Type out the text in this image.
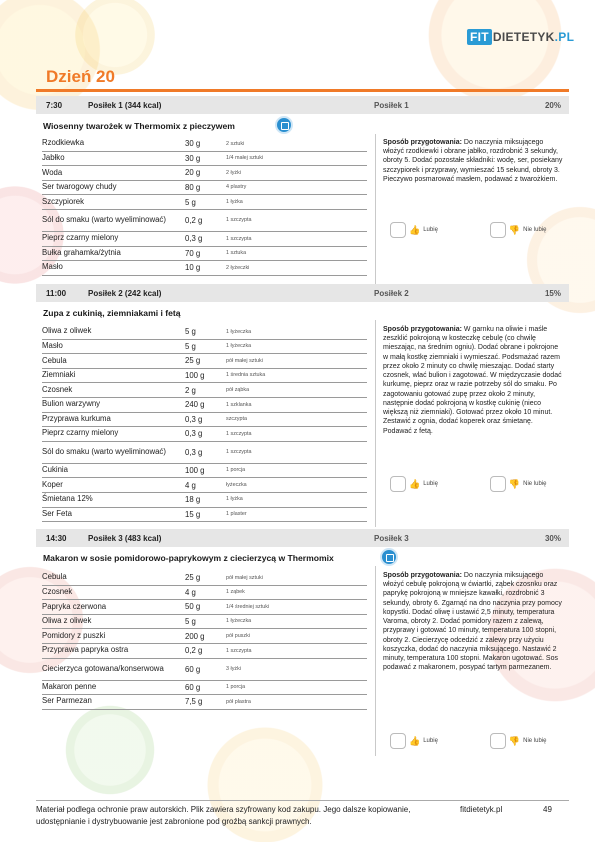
FIT DIETETYK.PL
Dzień 20
7:30	Posiłek 1 (344 kcal)	Posiłek 1	20%
Wiosenny twarożek w Thermomix z pieczywem
Rzodkiewka	30 g	2 sztuki
Jabłko	30 g	1/4 małej sztuki
Woda	20 g	2 łyżki
Ser twarogowy chudy	80 g	4 plastry
Szczypiorek	5 g	1 łyżka
Sól do smaku (warto wyeliminować)	0,2 g	1 szczypta
Pieprz czarny mielony	0,3 g	1 szczypta
Bułka grahamka/żytnia	70 g	1 sztuka
Masło	10 g	2 łyżeczki
Sposób przygotowania: Do naczynia miksującego włożyć rzodkiewki i obrane jabłko, rozdrobnić 3 sekundy, obroty 5. Dodać pozostałe składniki: wodę, ser, posiekany szczypiorek i przyprawy, wymieszać 15 sekund, obroty 3. Pieczywo posmarować masłem, podawać z twarożkiem.
👍 Lubię	👎 Nie lubię
11:00	Posiłek 2 (242 kcal)	Posiłek 2	15%
Zupa z cukinią, ziemniakami i fetą
Oliwa z oliwek	5 g	1 łyżeczka
Masło	5 g	1 łyżeczka
Cebula	25 g	pół małej sztuki
Ziemniaki	100 g	1 średnia sztuka
Czosnek	2 g	pół ząbka
Bulion warzywny	240 g	1 szklanka
Przyprawa kurkuma	0,3 g	szczypta
Pieprz czarny mielony	0,3 g	1 szczypta
Sól do smaku (warto wyeliminować)	0,3 g	1 szczypta
Cukinia	100 g	1 porcja
Koper	4 g	łyżeczka
Śmietana 12%	18 g	1 łyżka
Ser Feta	15 g	1 plaster
Sposób przygotowania: W garnku na oliwie i maśle zeszklić pokrojoną w kosteczkę cebulę (co chwilę mieszając, na średnim ogniu). Dodać obrane i pokrojone w małą kostkę ziemniaki i wymieszać. Podsmażać razem przez około 2 minuty co chwilę mieszając. Dodać starty czosnek, wlać bulion i zagotować. W międzyczasie dodać kurkumę, pieprz oraz w razie potrzeby sól do smaku. Po zagotowaniu gotować zupę przez około 2 minuty, następnie dodać pokrojoną w kostkę cukinię (nieco większą niż ziemniaki). Gotować przez około 10 minut. Zestawić z ognia, dodać koperek oraz śmietanę. Podawać z fetą.
👍 Lubię	👎 Nie lubię
14:30	Posiłek 3 (483 kcal)	Posiłek 3	30%
Makaron w sosie pomidorowo-paprykowym z ciecierzycą w Thermomix
Cebula	25 g	pół małej sztuki
Czosnek	4 g	1 ząbek
Papryka czerwona	50 g	1/4 średniej sztuki
Oliwa z oliwek	5 g	1 łyżeczka
Pomidory z puszki	200 g	pół puszki
Przyprawa papryka ostra	0,2 g	1 szczypta
Ciecierzyca gotowana/konserwowa	60 g	3 łyżki
Makaron penne	60 g	1 porcja
Ser Parmezan	7,5 g	pół plastra
Sposób przygotowania: Do naczynia miksującego włożyć cebulę pokrojoną w ćwiartki, ząbek czosnku oraz paprykę pokrojoną w mniejsze kawałki, rozdrobnić 3 sekundy, obroty 6. Zgarnąć na dno naczynia przy pomocy kopystki. Dodać oliwę i ustawić 2,5 minuty, temperatura Varoma, obroty 2. Dodać pomidory razem z zalewą, przyprawy i gotować 10 minuty, temperatura 100 stopni, obroty 2. Ciecierzycę odcedzić z zalewy przy użyciu koszyczka, dodać do naczynia miksującego. Nastawić 2 minuty, temperatura 100 stopni. Makaron ugotować. Sos podawać z makaronem, posypać tartym parmezanem.
👍 Lubię	👎 Nie lubię
Materiał podlega ochronie praw autorskich. Plik zawiera szyfrowany kod zakupu. Jego dalsze kopiowanie, udostępnianie i dystrybuowanie jest zabronione pod groźbą sankcji prawnych.
fitdietetyk.pl	49
